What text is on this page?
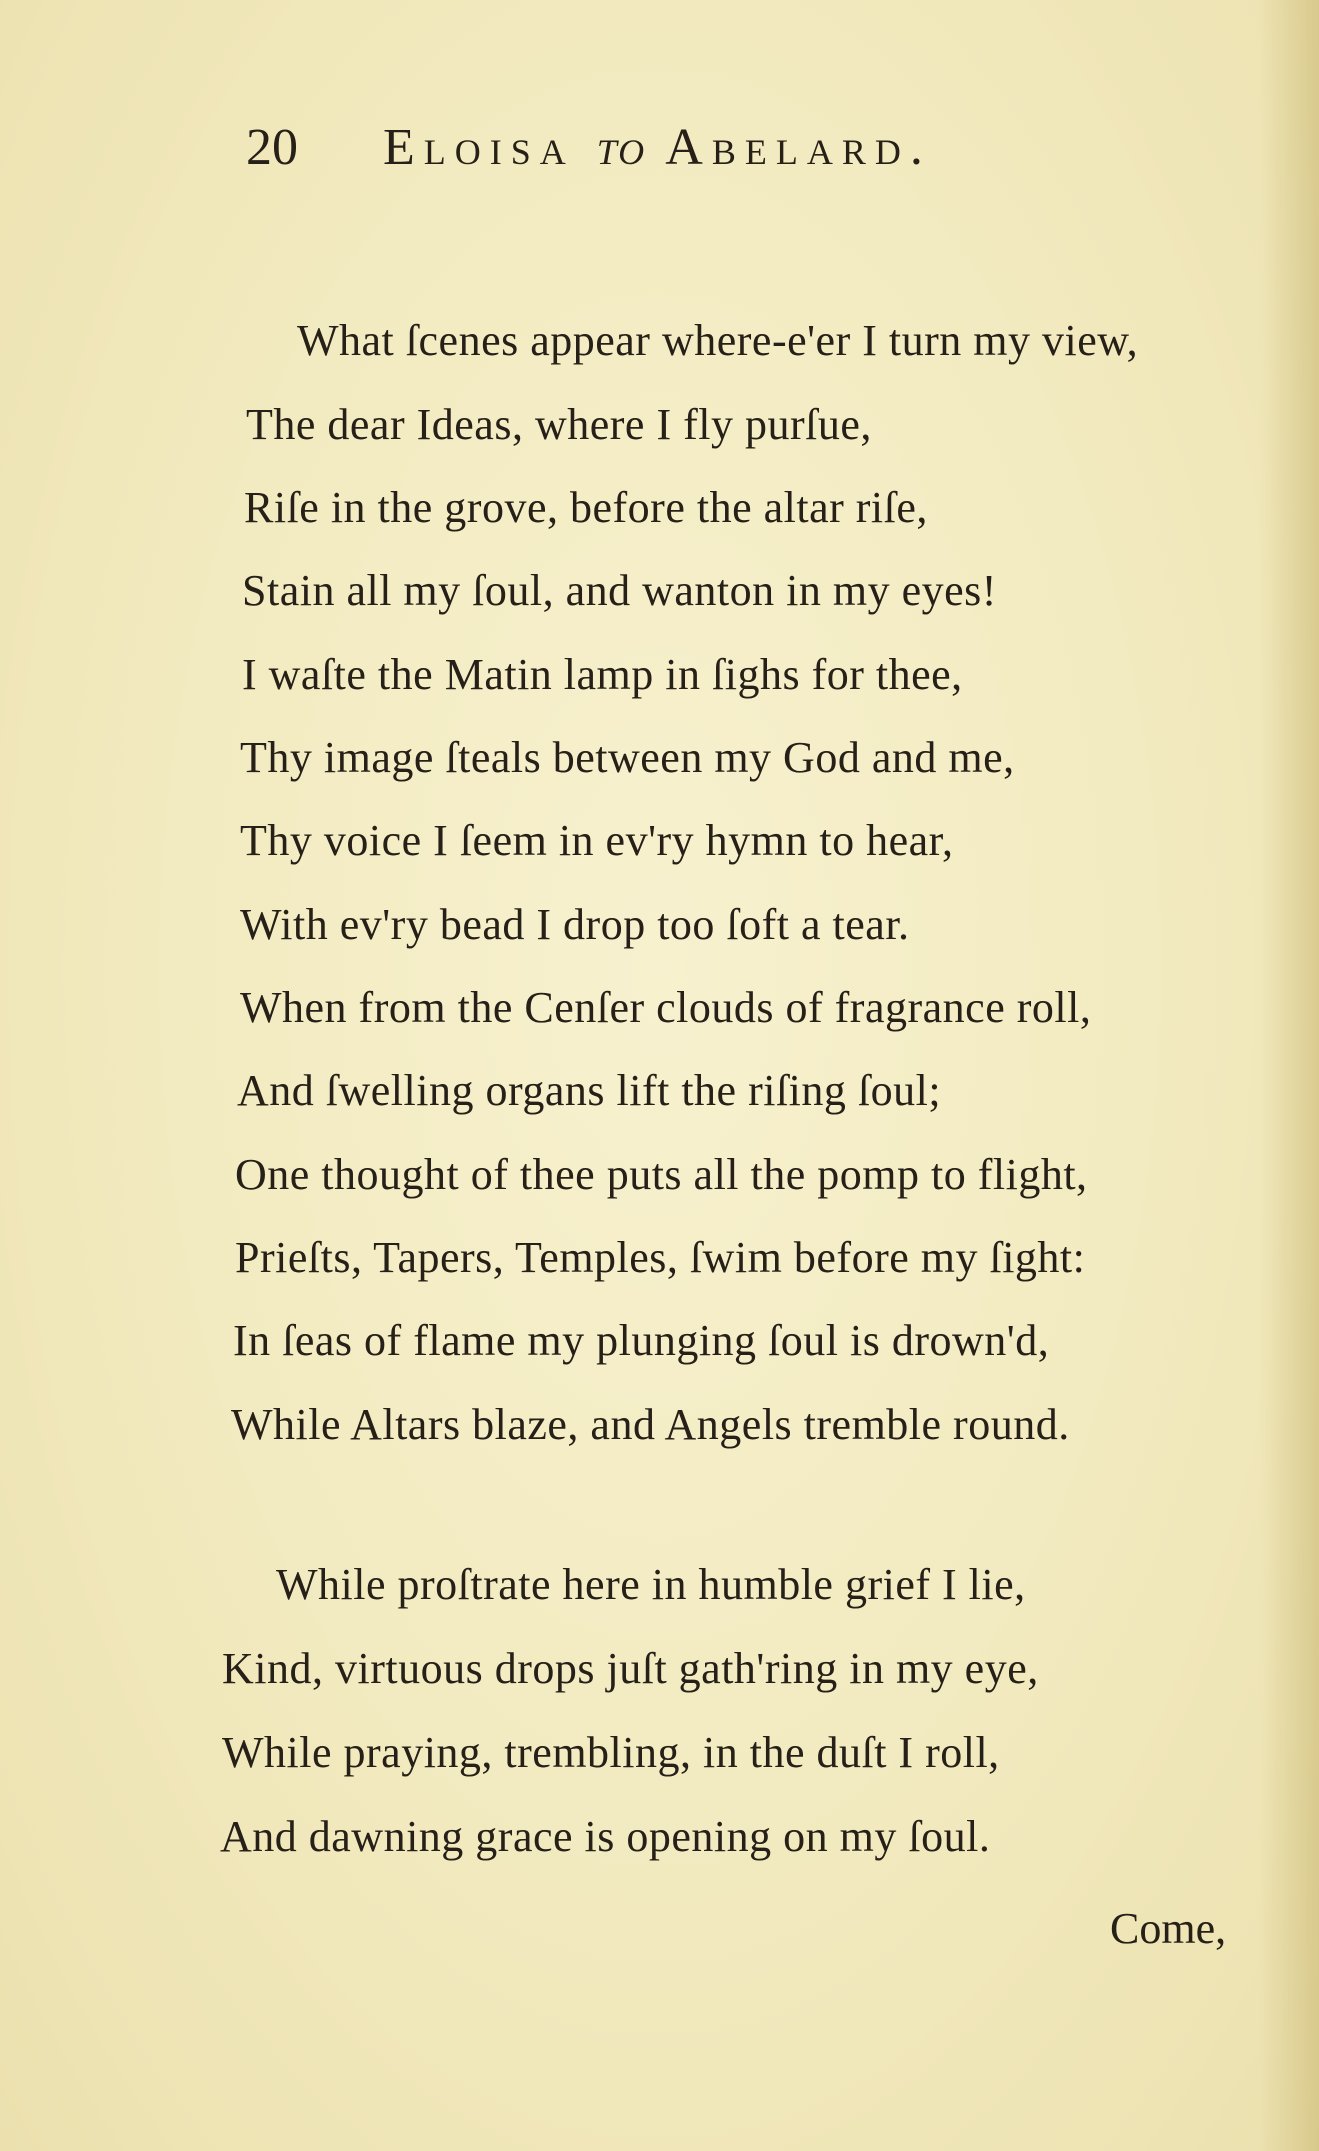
20 Eloisa to Abelard.
What ſcenes appear where-e'er I turn my view,
The dear Ideas, where I fly purſue,
Riſe in the grove, before the altar riſe,
Stain all my ſoul, and wanton in my eyes!
I waſte the Matin lamp in ſighs for thee,
Thy image ſteals between my God and me,
Thy voice I ſeem in ev'ry hymn to hear,
With ev'ry bead I drop too ſoft a tear.
When from the Cenſer clouds of fragrance roll,
And ſwelling organs lift the riſing ſoul;
One thought of thee puts all the pomp to flight,
Prieſts, Tapers, Temples, ſwim before my ſight:
In ſeas of flame my plunging ſoul is drown'd,
While Altars blaze, and Angels tremble round.
While proſtrate here in humble grief I lie,
Kind, virtuous drops juſt gath'ring in my eye,
While praying, trembling, in the duſt I roll,
And dawning grace is opening on my ſoul.
Come,
